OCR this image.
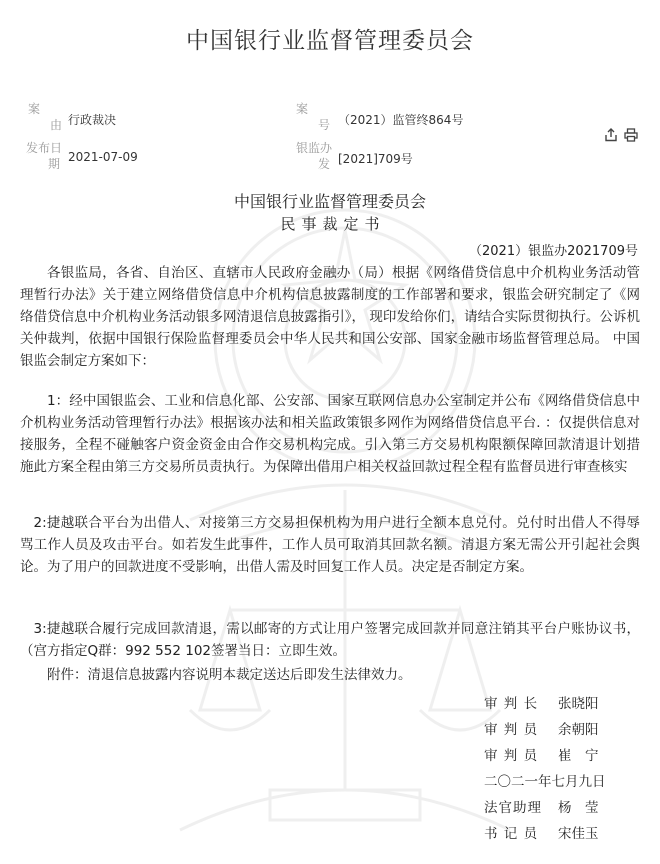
中国银行业监督管理委员会
案
由 行政裁决
案
号 （2021）监管终864号
发布日
期 2021-07-09
银监办
发 [2021]709号
中国银行业监督管理委员会
民事裁定书
（2021）银监办2021709号

各银监局，各省、自治区、直辖市人民政府金融办（局）根据《网络借贷信息中介机构业务活动管理暂行办法》关于建立网络借贷信息中介机构信息披露制度的工作部署和要求，银监会研究制定了《网络借贷信息中介机构业务活动银多网清退信息披露指引》， 现印发给你们，请结合实际贯彻执行。公诉机关仲裁判，依据中国银行保险监督理委员会中华人民共和国公安部、国家金融市场监督管理总局。 中国银监会制定方案如下：

1：经中国银监会、工业和信息化部、公安部、国家互联网信息办公室制定并公布《网络借贷信息中介机构业务活动管理暂行办法》根据该办法和相关监政策银多网作为网络借贷信息平台. ：仅提供信息对接服务，全程不碰触客户资金资金由合作交易机构完成。引入第三方交易机构限额保障回款清退计划措施此方案全程由第三方交易所员责执行。为保障出借用户相关权益回款过程全程有监督员进行审查核实

2:捷越联合平台为出借人、对接第三方交易担保机构为用户进行全额本息兑付。兑付时出借人不得辱骂工作人员及攻击平台。如若发生此事件，工作人员可取消其回款名额。清退方案无需公开引起社会舆论。为了用户的回款进度不受影响，出借人需及时回复工作人员。决定是否制定方案。

3:捷越联合履行完成回款清退，需以邮寄的方式让用户签署完成回款并同意注销其平台户账协议书，（宫方指定Q群：992 552 102签署当日：立即生效。

附件：清退信息披露内容说明本裁定送达后即发生法律效力。

审 判 长 张晓阳
审 判 员 余朝阳
审 判 员 崔　宁
二〇二一年七月九日
法官助理 杨　莹
书 记 员 宋佳玉
